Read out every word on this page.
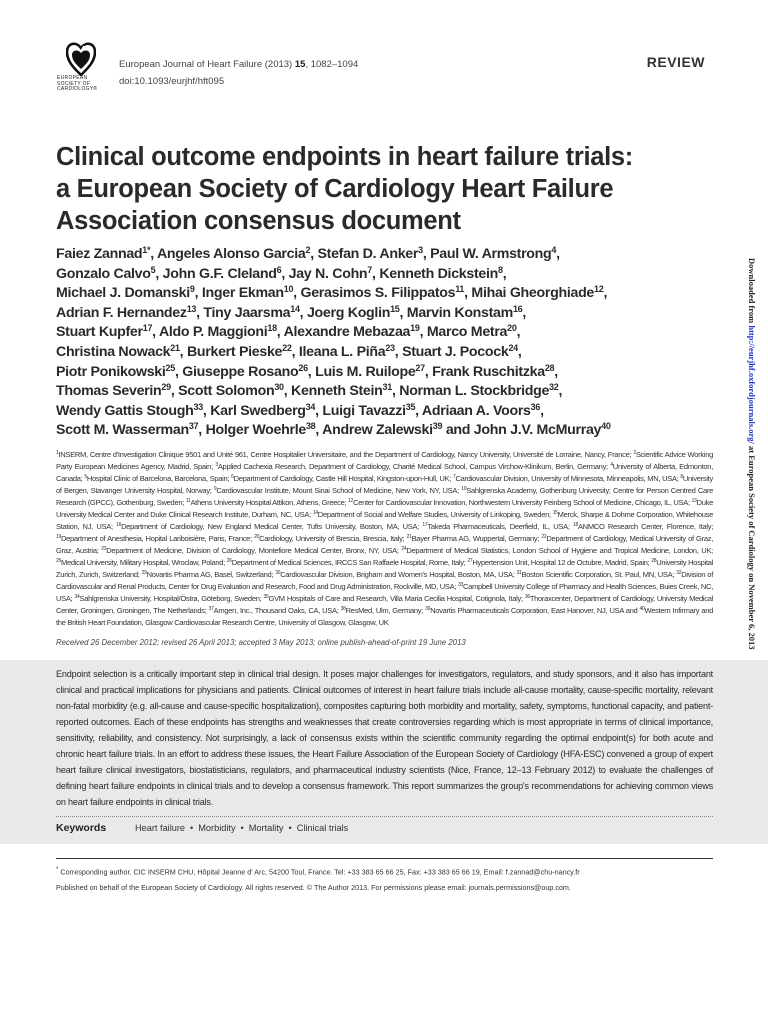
EUROPEAN
SOCIETY OF
CARDIOLOGY®
European Journal of Heart Failure (2013) 15, 1082–1094
doi:10.1093/eurjhf/hft095
REVIEW
Clinical outcome endpoints in heart failure trials:
a European Society of Cardiology Heart Failure
Association consensus document
Faiez Zannad$^{1*}$, Angeles Alonso Garcia$^2$, Stefan D. Anker$^3$, Paul W. Armstrong$^4$,
Gonzalo Calvo$^5$, John G.F. Cleland$^6$, Jay N. Cohn$^7$, Kenneth Dickstein$^8$,
Michael J. Domanski$^9$, Inger Ekman$^{10}$, Gerasimos S. Filippatos$^{11}$, Mihai Gheorghiade$^{12}$,
Adrian F. Hernandez$^{13}$, Tiny Jaarsma$^{14}$, Joerg Koglin$^{15}$, Marvin Konstam$^{16}$,
Stuart Kupfer$^{17}$, Aldo P. Maggioni$^{18}$, Alexandre Mebazaa$^{19}$, Marco Metra$^{20}$,
Christina Nowack$^{21}$, Burkert Pieske$^{22}$, Ileana L. Piña$^{23}$, Stuart J. Pocock$^{24}$,
Piotr Ponikowski$^{25}$, Giuseppe Rosano$^{26}$, Luis M. Ruilope$^{27}$, Frank Ruschitzka$^{28}$,
Thomas Severin$^{29}$, Scott Solomon$^{30}$, Kenneth Stein$^{31}$, Norman L. Stockbridge$^{32}$,
Wendy Gattis Stough$^{33}$, Karl Swedberg$^{34}$, Luigi Tavazzi$^{35}$, Adriaan A. Voors$^{36}$,
Scott M. Wasserman$^{37}$, Holger Woehrle$^{38}$, Andrew Zalewski$^{39}$ and John J.V. McMurray$^{40}$
$^1$INSERM, Centre d'Investigation Clinique 9501 and Unité 961, Centre Hospitalier Universitaire, and the Department of Cardiology, Nancy University, Université de Lorraine, Nancy, France; $^2$Scientific Advice Working Party European Medicines Agency, Madrid, Spain; $^3$Applied Cachexia Research, Department of Cardiology, Charité Medical School, Campus Virchow-Klinikum, Berlin, Germany; $^4$University of Alberta, Edmonton, Canada; $^5$Hospital Clinic of Barcelona, Barcelona, Spain; $^6$Department of Cardiology, Castle Hill Hospital, Kingston-upon-Hull, UK; $^7$Cardiovascular Division, University of Minnesota, Minneapolis, MN, USA; $^8$University of Bergen, Stavanger University Hospital, Norway; $^9$Cardiovascular Institute, Mount Sinai School of Medicine, New York, NY, USA; $^{10}$Sahlgrenska Academy, Gothenburg University; Centre for Person Centred Care Research (GPCC), Gothenburg, Sweden; $^{11}$Athens University Hospital Attikon, Athens, Greece; $^{12}$Center for Cardiovascular Innovation, Northwestern University Feinberg School of Medicine, Chicago, IL, USA; $^{13}$Duke University Medical Center and Duke Clinical Research Institute, Durham, NC, USA; $^{14}$Department of Social and Welfare Studies, University of Linkoping, Sweden; $^{15}$Merck, Sharpe & Dohme Corporation, Whitehouse Station, NJ, USA; $^{16}$Department of Cardiology, New England Medical Center, Tufts University, Boston, MA, USA; $^{17}$Takeda Pharmaceuticals, Deerfield, IL, USA; $^{18}$ANMCO Research Center, Florence, Italy; $^{19}$Department of Anesthesia, Hopital Lariboisière, Paris, France; $^{20}$Cardiology, University of Brescia, Brescia, Italy; $^{21}$Bayer Pharma AG, Wuppertal, Germany; $^{22}$Department of Cardiology, Medical University of Graz, Graz, Austria; $^{23}$Department of Medicine, Division of Cardiology, Montefiore Medical Center, Bronx, NY, USA; $^{24}$Department of Medical Statistics, London School of Hygiene and Tropical Medicine, London, UK; $^{25}$Medical University, Military Hospital, Wroclaw, Poland; $^{26}$Department of Medical Sciences, IRCCS San Raffaele Hospital, Rome, Italy; $^{27}$Hypertension Unit, Hospital 12 de Octubre, Madrid, Spain; $^{28}$University Hospital Zurich, Zurich, Switzerland; $^{29}$Novartis Pharma AG, Basel, Switzerland; $^{30}$Cardiovascular Division, Brigham and Women's Hospital, Boston, MA, USA; $^{31}$Boston Scientific Corporation, St. Paul, MN, USA; $^{32}$Division of Cardiovascular and Renal Products, Center for Drug Evaluation and Research, Food and Drug Administration, Rockville, MD, USA; $^{33}$Campbell University College of Pharmacy and Health Sciences, Buies Creek, NC, USA; $^{34}$Sahlgrenska University, Hospital/Östra, Göteborg, Sweden; $^{35}$GVM Hospitals of Care and Research, Villa Maria Cecilia Hospital, Cotignola, Italy; $^{36}$Thoraxcenter, Department of Cardiology, University Medical Center, Groningen, Groningen, The Netherlands; $^{37}$Amgen, Inc., Thousand Oaks, CA, USA; $^{38}$ResMed, Ulm, Germany; $^{39}$Novartis Pharmaceuticals Corporation, East Hanover, NJ, USA and $^{40}$Western Infirmary and the British Heart Foundation, Glasgow Cardiovascular Research Centre, University of Glasgow, Glasgow, UK
Received 26 December 2012; revised 26 April 2013; accepted 3 May 2013; online publish-ahead-of-print 19 June 2013
Endpoint selection is a critically important step in clinical trial design. It poses major challenges for investigators, regulators, and study sponsors, and it also has important clinical and practical implications for physicians and patients. Clinical outcomes of interest in heart failure trials include all-cause mortality, cause-specific mortality, relevant non-fatal morbidity (e.g. all-cause and cause-specific hospitalization), composites capturing both morbidity and mortality, safety, symptoms, functional capacity, and patient-reported outcomes. Each of these endpoints has strengths and weaknesses that create controversies regarding which is most appropriate in terms of clinical importance, sensitivity, reliability, and consistency. Not surprisingly, a lack of consensus exists within the scientific community regarding the optimal endpoint(s) for both acute and chronic heart failure trials. In an effort to address these issues, the Heart Failure Association of the European Society of Cardiology (HFA-ESC) convened a group of expert heart failure clinical investigators, biostatisticians, regulators, and pharmaceutical industry scientists (Nice, France, 12–13 February 2012) to evaluate the challenges of defining heart failure endpoints in clinical trials and to develop a consensus framework. This report summarizes the group's recommendations for achieving common views on heart failure endpoints in clinical trials.
Keywords	Heart failure • Morbidity • Mortality • Clinical trials
* Corresponding author. CIC INSERM CHU, Hôpital Jeanne d' Arc, 54200 Toul, France. Tel: +33 383 65 66 25, Fax: +33 383 65 66 19, Email: f.zannad@chu-nancy.fr
Published on behalf of the European Society of Cardiology. All rights reserved. © The Author 2013. For permissions please email: journals.permissions@oup.com.
Downloaded from http://eurjhf.oxfordjournals.org/ at European Society of Cardiology on November 6, 2013
